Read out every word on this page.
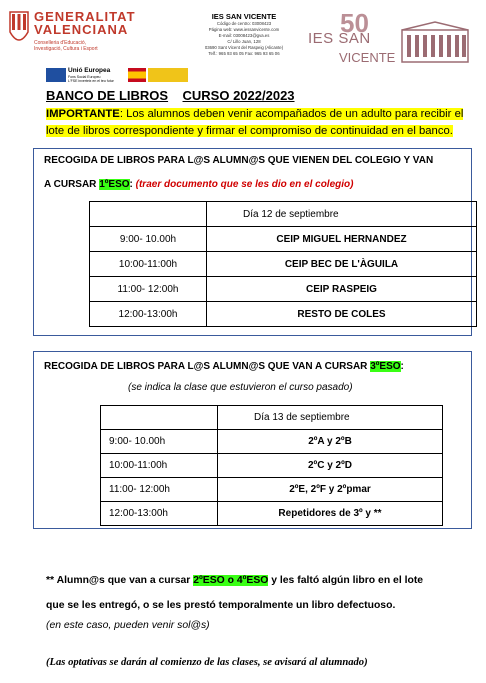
GENERALITAT
VALENCIANA
Conselleria d'Educació,
Investigació, Cultura i Esport
Unió Europea
Fons Social Europeu
L'FSE inverteix en el teu futur
IES SAN VICENTE
Código de centro: 03008423
Página web: www.iessanvicente.com
E-mail: 03008423@gva.es
C/ Lillo Juan, 128
03690 Sant Vicent del Raspeig (Alicante)
Telf.: 965 93 65 05 Fax: 965 93 65 06
50
IES SAN
VICENTE
BANCO DE LIBROS CURSO 2022/2023
IMPORTANTE: Los alumnos deben venir acompañados de un adulto para recibir el lote de libros correspondiente y firmar el compromiso de continuidad en el banco.
RECOGIDA DE LIBROS PARA L@S ALUMN@S QUE VIENEN DEL COLEGIO Y VAN
A CURSAR 1ºESO: (traer documento que se les dio en el colegio)
	Día 12 de septiembre
9:00- 10.00h	CEIP MIGUEL HERNANDEZ
10:00-11:00h	CEIP BEC DE L'ÀGUILA
11:00- 12:00h	CEIP RASPEIG
12:00-13:00h	RESTO DE COLES
RECOGIDA DE LIBROS PARA L@S ALUMN@S QUE VAN A CURSAR 3ºESO:
(se indica la clase que estuvieron el curso pasado)
	Día 13 de septiembre
9:00- 10.00h	2ºA y 2ºB
10:00-11:00h	2ºC y 2ºD
11:00- 12:00h	2ºE, 2ºF y 2ºpmar
12:00-13:00h	Repetidores de 3º y **
** Alumn@s que van a cursar 2ºESO o 4ºESO y les faltó algún libro en el lote
que se les entregó, o se les prestó temporalmente un libro defectuoso.
(en este caso, pueden venir sol@s)
(Las optativas se darán al comienzo de las clases, se avisará al alumnado)
